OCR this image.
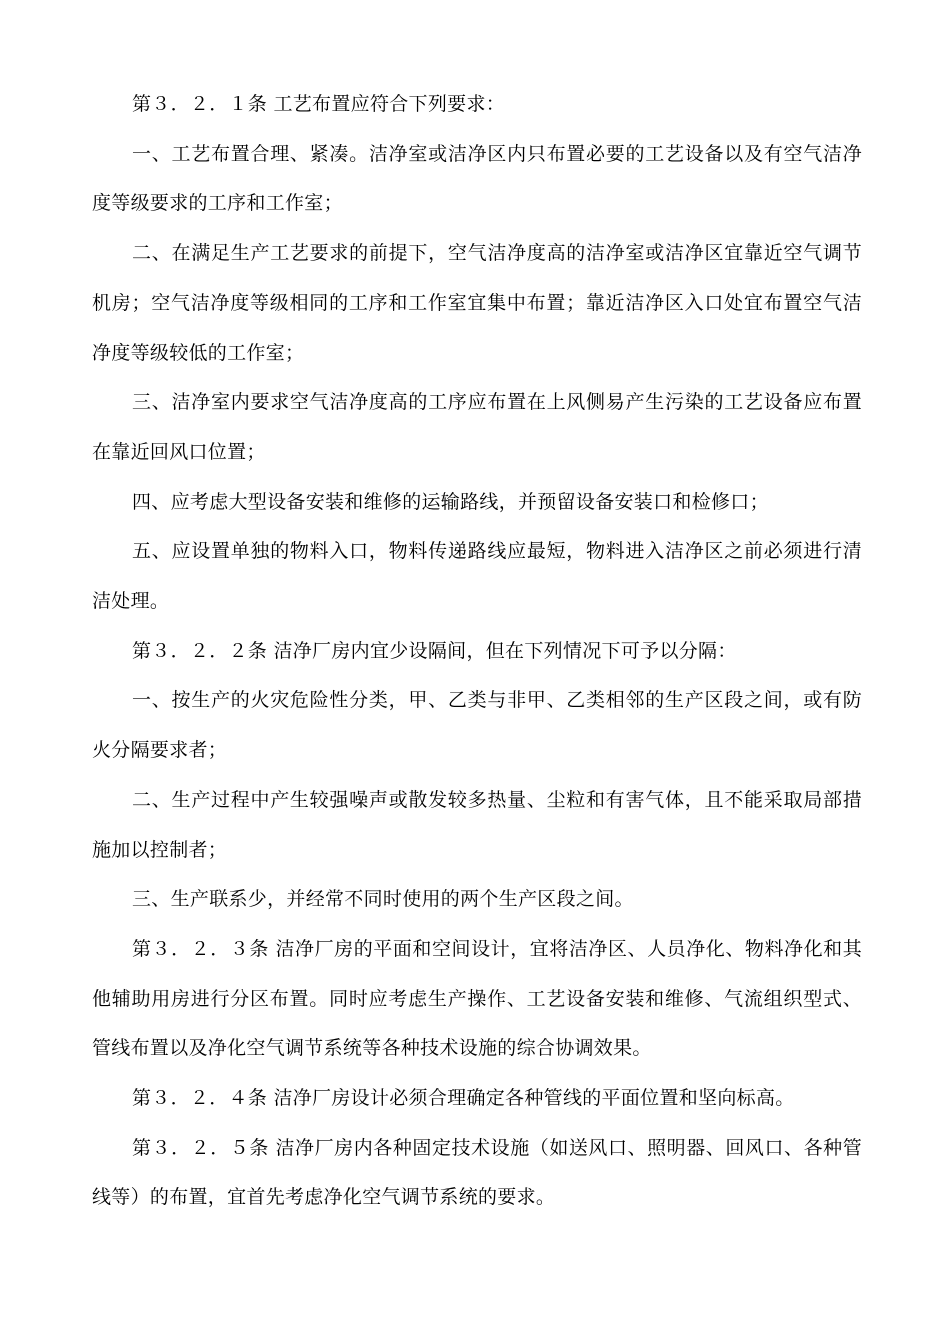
第３．２．１条 工艺布置应符合下列要求：

一、工艺布置合理、紧凑。洁净室或洁净区内只布置必要的工艺设备以及有空气洁净度等级要求的工序和工作室；

二、在满足生产工艺要求的前提下，空气洁净度高的洁净室或洁净区宜靠近空气调节机房；空气洁净度等级相同的工序和工作室宜集中布置；靠近洁净区入口处宜布置空气洁净度等级较低的工作室；

三、洁净室内要求空气洁净度高的工序应布置在上风侧易产生污染的工艺设备应布置在靠近回风口位置；

四、应考虑大型设备安装和维修的运输路线，并预留设备安装口和检修口；

五、应设置单独的物料入口，物料传递路线应最短，物料进入洁净区之前必须进行清洁处理。

第３．２．２条 洁净厂房内宜少设隔间，但在下列情况下可予以分隔：

一、按生产的火灾危险性分类，甲、乙类与非甲、乙类相邻的生产区段之间，或有防火分隔要求者；

二、生产过程中产生较强噪声或散发较多热量、尘粒和有害气体，且不能采取局部措施加以控制者；

三、生产联系少，并经常不同时使用的两个生产区段之间。

第３．２．３条 洁净厂房的平面和空间设计，宜将洁净区、人员净化、物料净化和其他辅助用房进行分区布置。同时应考虑生产操作、工艺设备安装和维修、气流组织型式、管线布置以及净化空气调节系统等各种技术设施的综合协调效果。

第３．２．４条 洁净厂房设计必须合理确定各种管线的平面位置和坚向标高。

第３．２．５条 洁净厂房内各种固定技术设施（如送风口、照明器、回风口、各种管线等）的布置，宜首先考虑净化空气调节系统的要求。
